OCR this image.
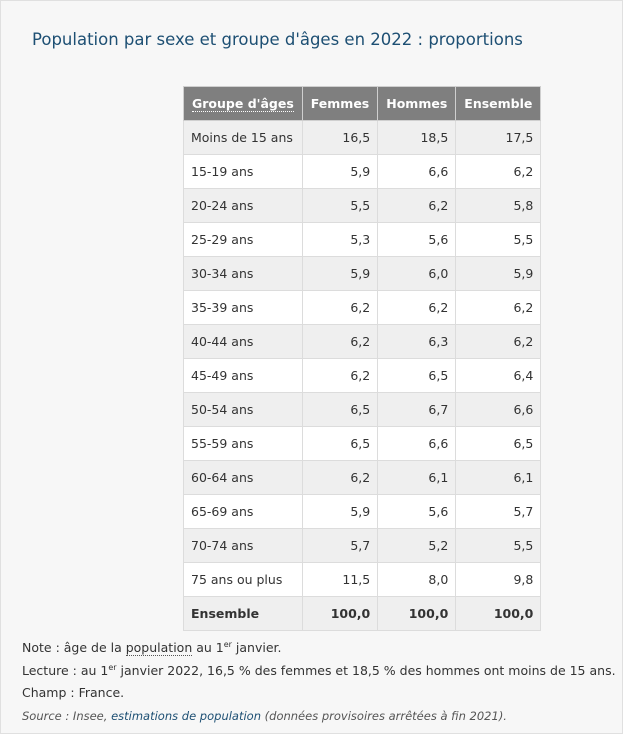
Population par sexe et groupe d'âges en 2022 : proportions
Groupe d'âges	Femmes	Hommes	Ensemble
Moins de 15 ans	16,5	18,5	17,5
15-19 ans	5,9	6,6	6,2
20-24 ans	5,5	6,2	5,8
25-29 ans	5,3	5,6	5,5
30-34 ans	5,9	6,0	5,9
35-39 ans	6,2	6,2	6,2
40-44 ans	6,2	6,3	6,2
45-49 ans	6,2	6,5	6,4
50-54 ans	6,5	6,7	6,6
55-59 ans	6,5	6,6	6,5
60-64 ans	6,2	6,1	6,1
65-69 ans	5,9	5,6	5,7
70-74 ans	5,7	5,2	5,5
75 ans ou plus	11,5	8,0	9,8
Ensemble	100,0	100,0	100,0

Note : âge de la population au 1er janvier.

Lecture : au 1er janvier 2022, 16,5 % des femmes et 18,5 % des hommes ont moins de 15 ans.

Champ : France.

Source : Insee, estimations de population (données provisoires arrêtées à fin 2021).
